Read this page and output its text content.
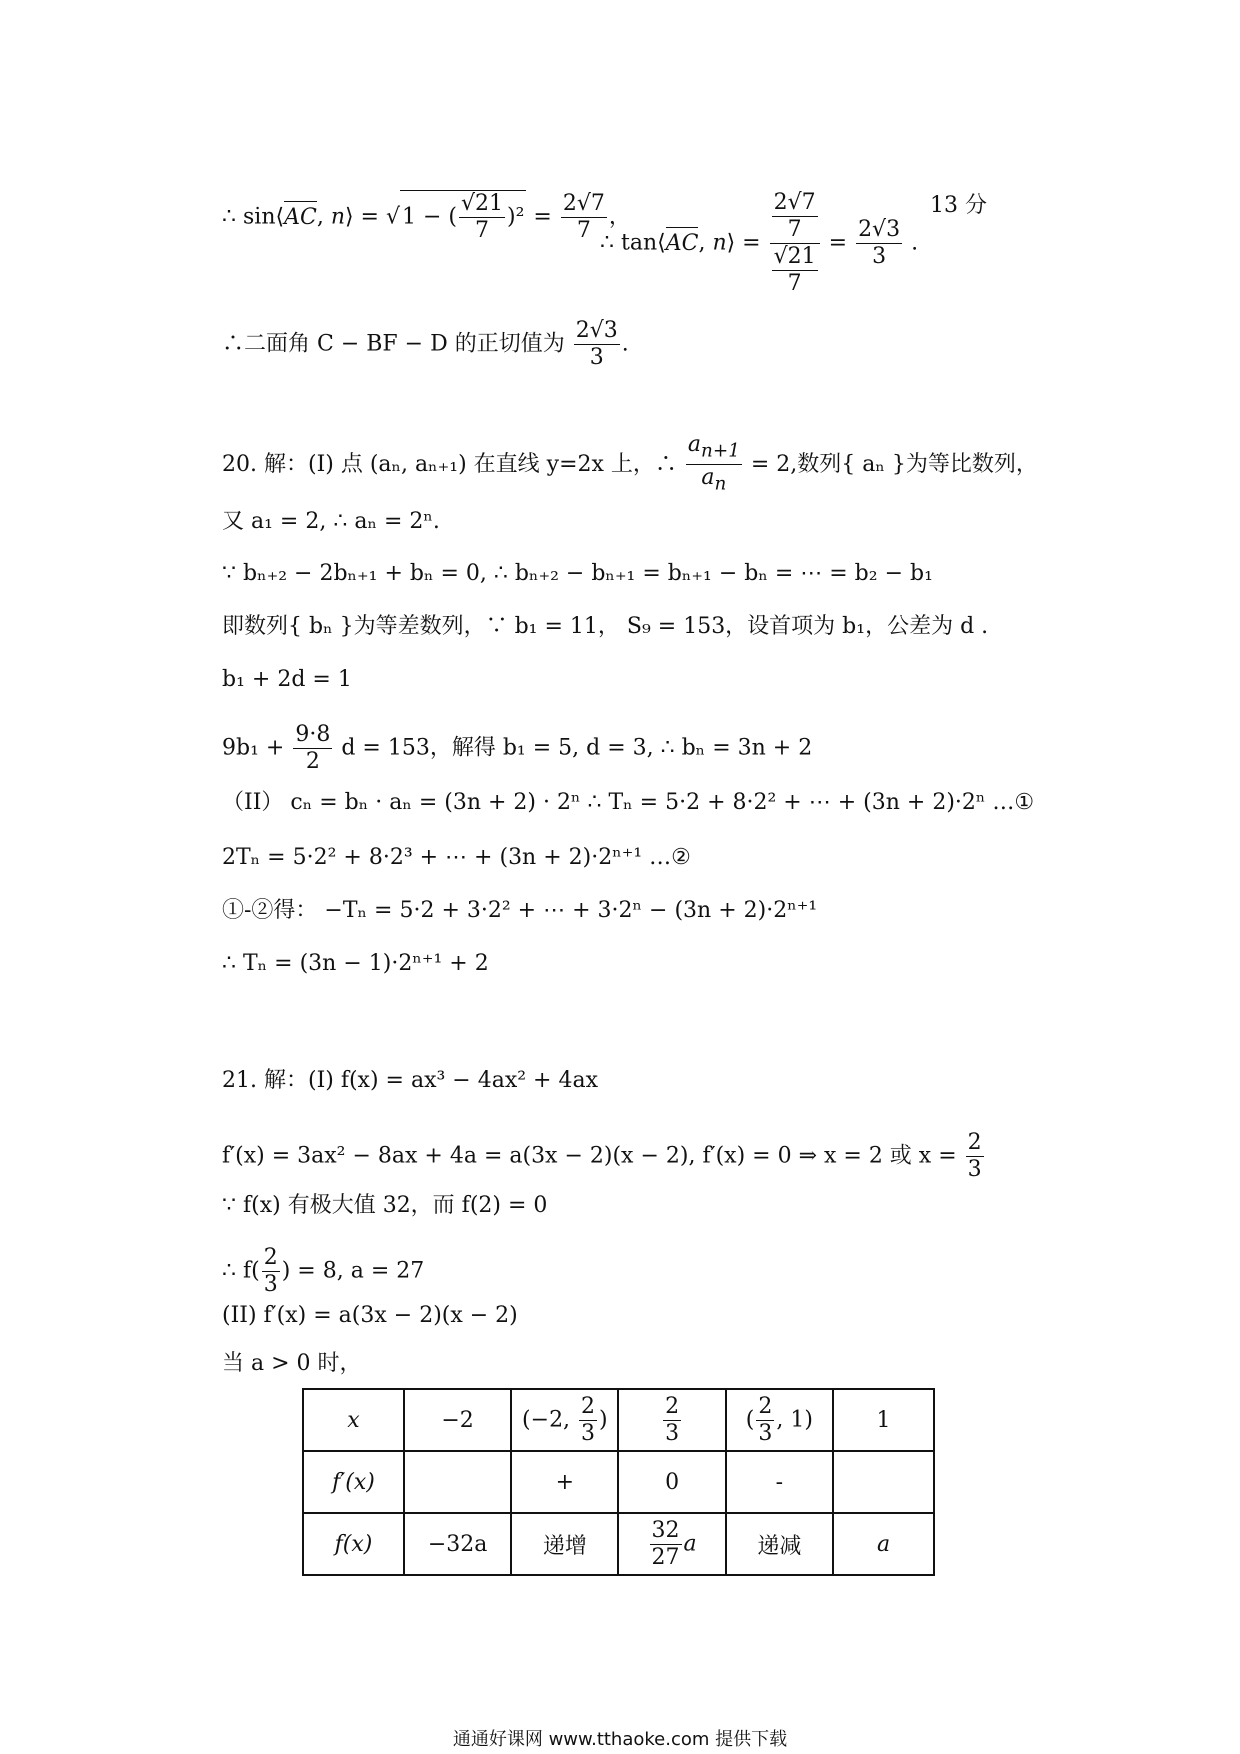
∴ sin⟨AC, n⟩ = √1 − ( $\frac{√21}{7} )^2 = \frac{2√7}{7}$ ，
∴ tan⟨AC, n⟩ = $\frac{\frac{2√7}{7}}{\frac{√21}{7}} = \frac{2√3}{3}$ .
13 分
∴二面角 C − BF − D 的正切值为 $\frac{2√3}{3}$ .
20. 解：(I) 点 (aₙ, aₙ₊₁) 在直线 y=2x 上，∴ $\frac{a_{n+1}}{a_n} = 2$,数列{ aₙ }为等比数列，
又 a₁ = 2, ∴ aₙ = 2ⁿ.
∵ bₙ₊₂ − 2bₙ₊₁ + bₙ = 0, ∴ bₙ₊₂ − bₙ₊₁ = bₙ₊₁ − bₙ = ⋯ = b₂ − b₁
即数列{ bₙ }为等差数列，∵ b₁ = 11， S₉ = 153，设首项为 b₁，公差为 d .
b₁ + 2d = 1
$9b_1 + \frac{9\cdot 8}{2}$ d = 153，解得 b₁ = 5, d = 3, ∴ bₙ = 3n + 2
（II） cₙ = bₙ · aₙ = (3n + 2) · 2ⁿ ∴ Tₙ = 5·2 + 8·2² + ⋯ + (3n + 2)·2ⁿ …①
2Tₙ = 5·2² + 8·2³ + ⋯ + (3n + 2)·2ⁿ⁺¹ …②
①-②得： −Tₙ = 5·2 + 3·2² + ⋯ + 3·2ⁿ − (3n + 2)·2ⁿ⁺¹
∴ Tₙ = (3n − 1)·2ⁿ⁺¹ + 2
21. 解：(I) f(x) = ax³ − 4ax² + 4ax
f′(x) = 3ax² − 8ax + 4a = a(3x − 2)(x − 2), f′(x) = 0 ⇒ x = 2 或 $x = \frac{2}{3}$
∵ f(x) 有极大值 32，而 f(2) = 0
∴ $f( \frac{2}{3}$ ) = 8, a = 27
(II) f′(x) = a(3x − 2)(x − 2)
当 a > 0 时，
x	−2	(−2, $\frac{2}{3}$ )	$\frac{2}{3}$	( $\frac{2}{3}$ , 1)	1
f′(x)		+	0	-	
f(x)	−32a	递增	$\frac{32}{27}$ a	递减	a
通通好课网 www.tthaoke.com 提供下载
